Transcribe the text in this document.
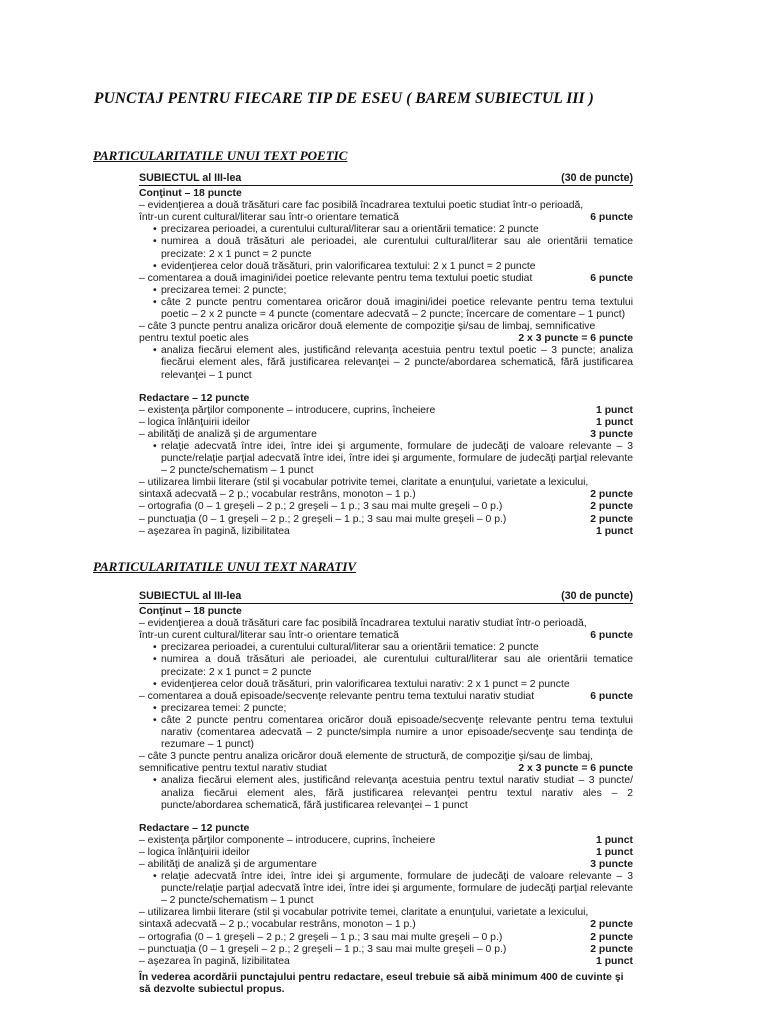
PUNCTAJ PENTRU FIECARE TIP DE ESEU ( BAREM SUBIECTUL III )
PARTICULARITATILE UNUI TEXT POETIC
SUBIECTUL al III-lea	(30 de puncte)
Conţinut – 18 puncte
– evidenţierea a două trăsături care fac posibilă încadrarea textului poetic studiat într-o perioadă,
într-un curent cultural/literar sau într-o orientare tematică	6 puncte
• precizarea perioadei, a curentului cultural/literar sau a orientării tematice: 2 puncte
• numirea a două trăsături ale perioadei, ale curentului cultural/literar sau ale orientării tematice precizate: 2 x 1 punct = 2 puncte
• evidenţierea celor două trăsături, prin valorificarea textului: 2 x 1 punct = 2 puncte
– comentarea a două imagini/idei poetice relevante pentru tema textului poetic studiat	6 puncte
• precizarea temei: 2 puncte;
• câte 2 puncte pentru comentarea oricăror două imagini/idei poetice relevante pentru tema textului poetic – 2 x 2 puncte = 4 puncte (comentare adecvată – 2 puncte; încercare de comentare – 1 punct)
– câte 3 puncte pentru analiza oricăror două elemente de compoziţie şi/sau de limbaj, semnificative
pentru textul poetic ales	2 x 3 puncte = 6 puncte
• analiza fiecărui element ales, justificând relevanţa acestuia pentru textul poetic – 3 puncte; analiza fiecărui element ales, fără justificarea relevanţei – 2 puncte/abordarea schematică, fără justificarea relevanţei – 1 punct
Redactare – 12 puncte
– existenţa părţilor componente – introducere, cuprins, încheiere	1 punct
– logica înlănţuirii ideilor	1 punct
– abilităţi de analiză şi de argumentare	3 puncte
• relaţie adecvată între idei, între idei şi argumente, formulare de judecăţi de valoare relevante – 3 puncte/relaţie parţial adecvată între idei, între idei şi argumente, formulare de judecăţi parţial relevante – 2 puncte/schematism – 1 punct
– utilizarea limbii literare (stil şi vocabular potrivite temei, claritate a enunţului, varietate a lexicului,
sintaxă adecvată – 2 p.; vocabular restrâns, monoton – 1 p.)	2 puncte
– ortografia (0 – 1 greşeli – 2 p.; 2 greşeli – 1 p.; 3 sau mai multe greşeli – 0 p.)	2 puncte
– punctuaţia (0 – 1 greşeli – 2 p.; 2 greşeli – 1 p.; 3 sau mai multe greşeli – 0 p.)	2 puncte
– aşezarea în pagină, lizibilitatea	1 punct
PARTICULARITATILE UNUI TEXT NARATIV
SUBIECTUL al III-lea	(30 de puncte)
Conţinut – 18 puncte
– evidenţierea a două trăsături care fac posibilă încadrarea textului narativ studiat într-o perioadă,
într-un curent cultural/literar sau într-o orientare tematică	6 puncte
• precizarea perioadei, a curentului cultural/literar sau a orientării tematice: 2 puncte
• numirea a două trăsături ale perioadei, ale curentului cultural/literar sau ale orientării tematice precizate: 2 x 1 punct = 2 puncte
• evidenţierea celor două trăsături, prin valorificarea textului narativ: 2 x 1 punct = 2 puncte
– comentarea a două episoade/secvenţe relevante pentru tema textului narativ studiat	6 puncte
• precizarea temei: 2 puncte;
• câte 2 puncte pentru comentarea oricăror două episoade/secvenţe relevante pentru tema textului narativ (comentarea adecvată – 2 puncte/simpla numire a unor episoade/secvenţe sau tendinţa de rezumare – 1 punct)
– câte 3 puncte pentru analiza oricăror două elemente de structură, de compoziţie şi/sau de limbaj,
semnificative pentru textul narativ studiat	2 x 3 puncte = 6 puncte
• analiza fiecărui element ales, justificând relevanţa acestuia pentru textul narativ studiat – 3 puncte/ analiza fiecărui element ales, fără justificarea relevanţei pentru textul narativ ales – 2 puncte/abordarea schematică, fără justificarea relevanţei – 1 punct
Redactare – 12 puncte
– existenţa părţilor componente – introducere, cuprins, încheiere	1 punct
– logica înlănţuirii ideilor	1 punct
– abilităţi de analiză şi de argumentare	3 puncte
• relaţie adecvată între idei, între idei şi argumente, formulare de judecăţi de valoare relevante – 3 puncte/relaţie parţial adecvată între idei, între idei şi argumente, formulare de judecăţi parţial relevante – 2 puncte/schematism – 1 punct
– utilizarea limbii literare (stil şi vocabular potrivite temei, claritate a enunţului, varietate a lexicului,
sintaxă adecvată – 2 p.; vocabular restrâns, monoton – 1 p.)	2 puncte
– ortografia (0 – 1 greşeli – 2 p.; 2 greşeli – 1 p.; 3 sau mai multe greşeli – 0 p.)	2 puncte
– punctuaţia (0 – 1 greşeli – 2 p.; 2 greşeli – 1 p.; 3 sau mai multe greşeli – 0 p.)	2 puncte
– aşezarea în pagină, lizibilitatea	1 punct
În vederea acordării punctajului pentru redactare, eseul trebuie să aibă minimum 400 de cuvinte şi să dezvolte subiectul propus.
